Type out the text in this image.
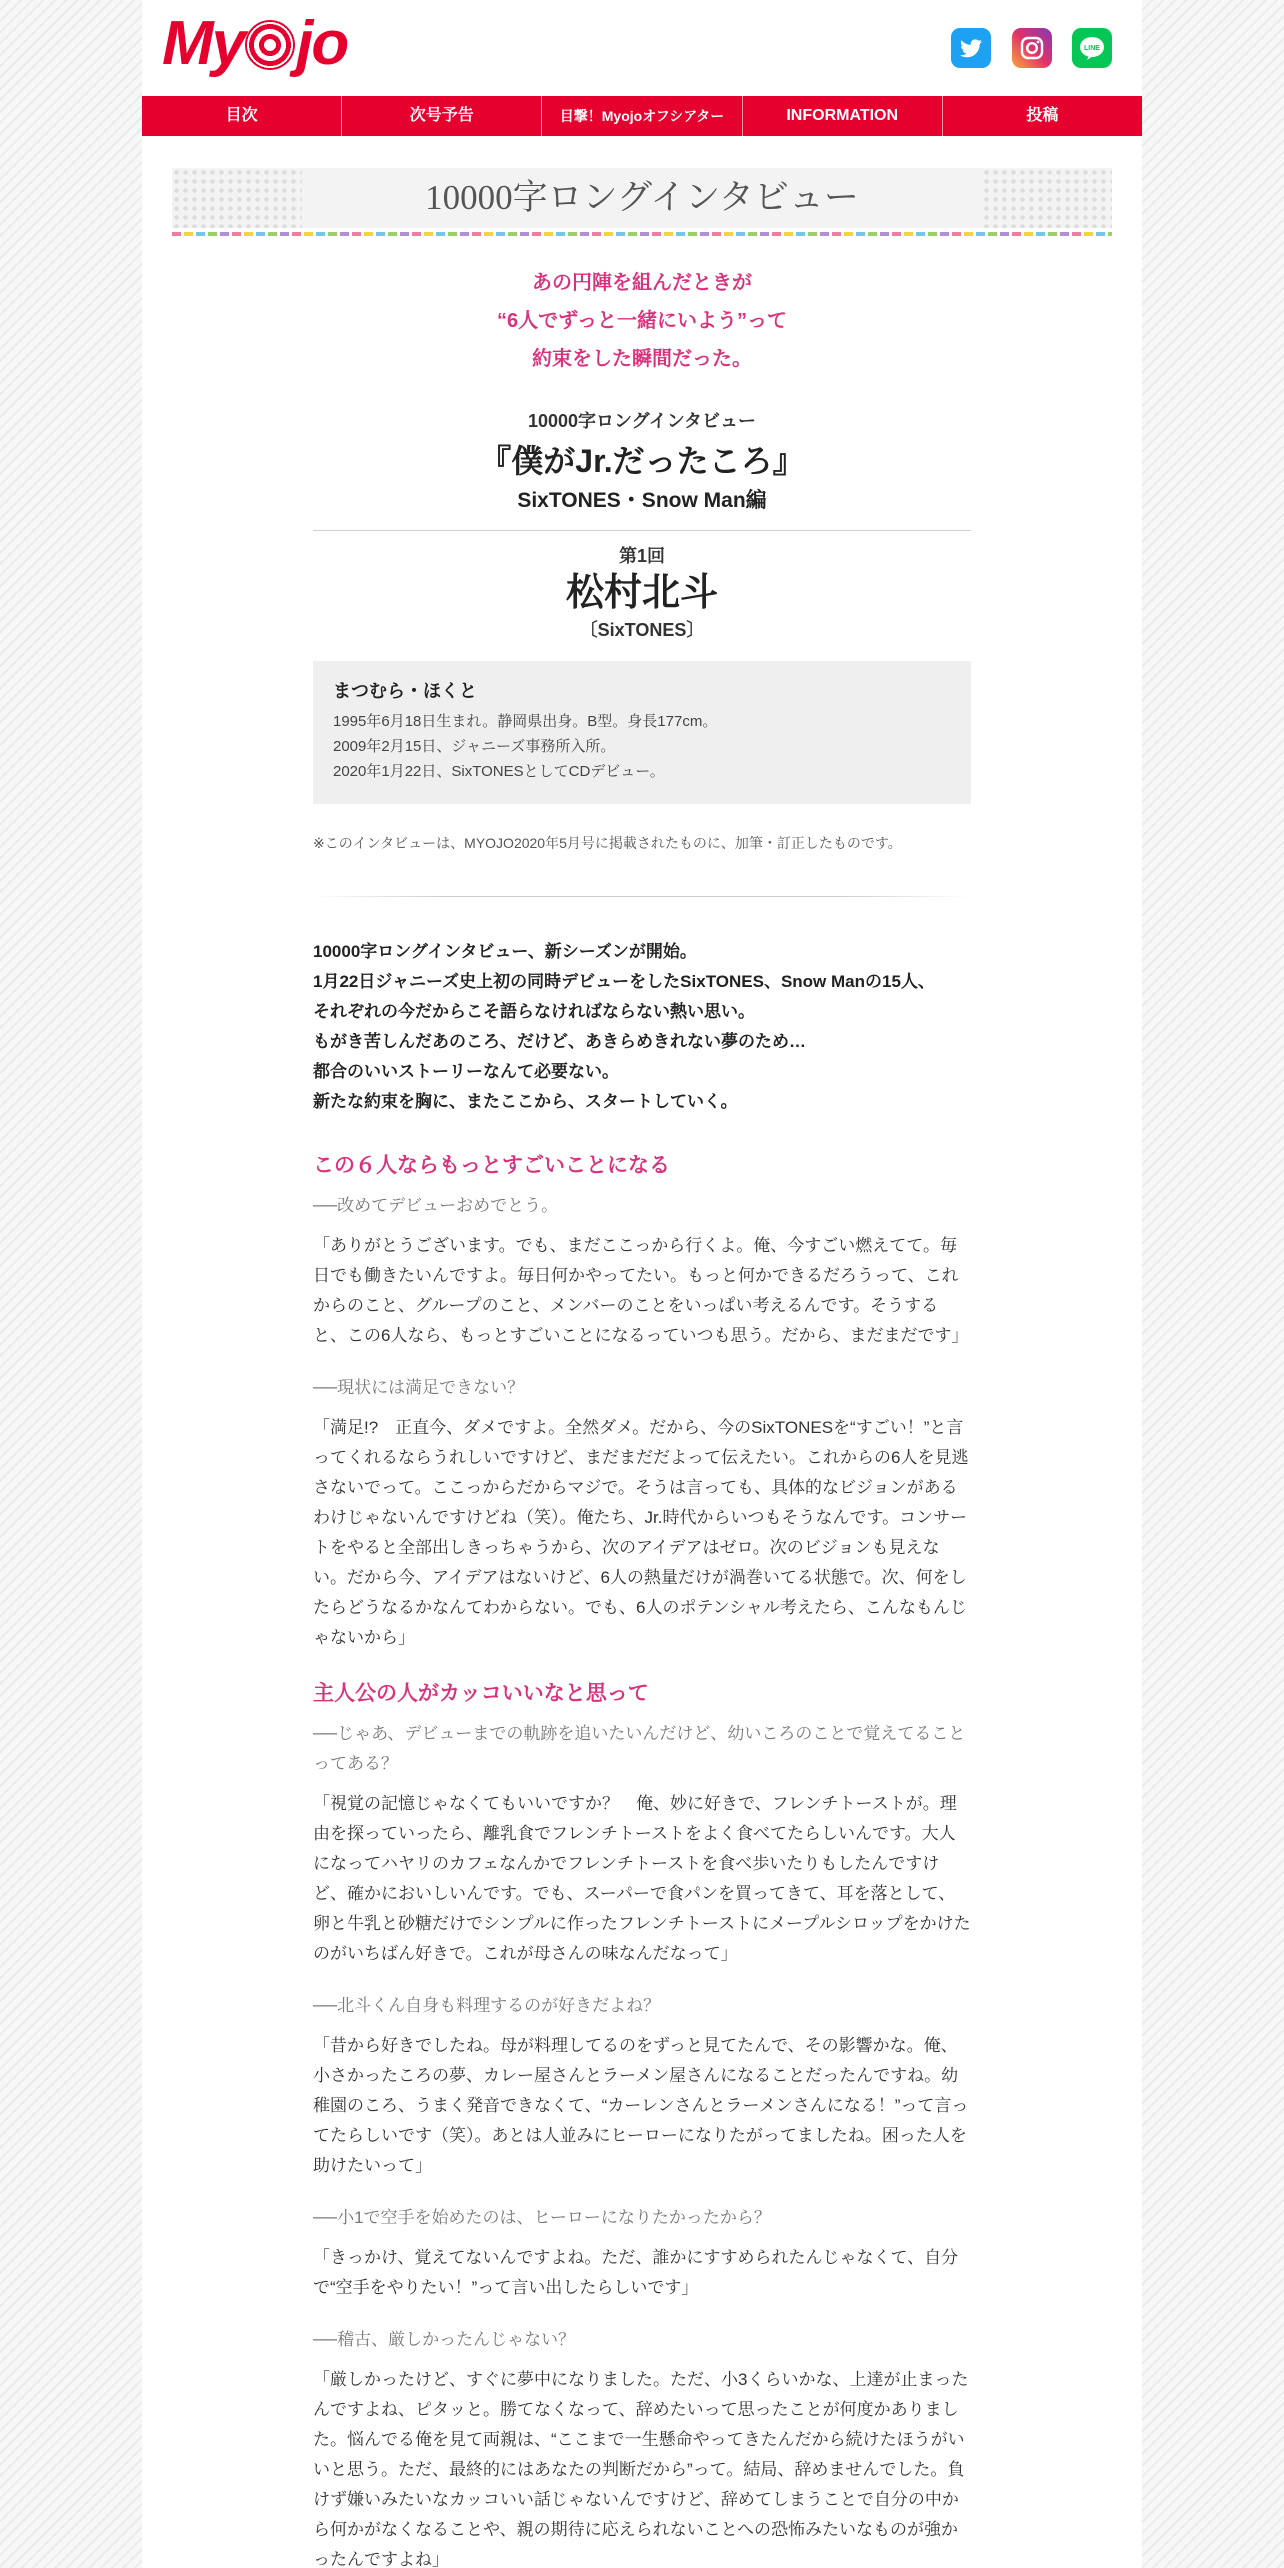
My jo	LINE
目次	次号予告	目撃！Myojoオフシアター	INFORMATION	投稿
10000字ロングインタビュー
あの円陣を組んだときが
“6人でずっと一緒にいよう”って
約束をした瞬間だった。
10000字ロングインタビュー
『僕がJr.だったころ』
SixTONES・Snow Man編
第1回
松村北斗
〔SixTONES〕
まつむら・ほくと
1995年6月18日生まれ。静岡県出身。B型。身長177cm。
2009年2月15日、ジャニーズ事務所入所。
2020年1月22日、SixTONESとしてCDデビュー。
※このインタビューは、MYOJO2020年5月号に掲載されたものに、加筆・訂正したものです。
10000字ロングインタビュー、新シーズンが開始。
1月22日ジャニーズ史上初の同時デビューをしたSixTONES、Snow Manの15人、
それぞれの今だからこそ語らなければならない熱い思い。
もがき苦しんだあのころ、だけど、あきらめきれない夢のため…
都合のいいストーリーなんて必要ない。
新たな約束を胸に、またここから、スタートしていく。
この６人ならもっとすごいことになる
──改めてデビューおめでとう。
「ありがとうございます。でも、まだここっから行くよ。俺、今すごい燃えてて。毎日でも働きたいんですよ。毎日何かやってたい。もっと何かできるだろうって、これからのこと、グループのこと、メンバーのことをいっぱい考えるんです。そうすると、この6人なら、もっとすごいことになるっていつも思う。だから、まだまだです」
──現状には満足できない？
「満足!?　正直今、ダメですよ。全然ダメ。だから、今のSixTONESを“すごい！”と言ってくれるならうれしいですけど、まだまだだよって伝えたい。これからの6人を見逃さないでって。ここっからだからマジで。そうは言っても、具体的なビジョンがあるわけじゃないんですけどね（笑）。俺たち、Jr.時代からいつもそうなんです。コンサートをやると全部出しきっちゃうから、次のアイデアはゼロ。次のビジョンも見えない。だから今、アイデアはないけど、6人の熱量だけが渦巻いてる状態で。次、何をしたらどうなるかなんてわからない。でも、6人のポテンシャル考えたら、こんなもんじゃないから」
主人公の人がカッコいいなと思って
──じゃあ、デビューまでの軌跡を追いたいんだけど、幼いころのことで覚えてることってある？
「視覚の記憶じゃなくてもいいですか？　俺、妙に好きで、フレンチトーストが。理由を探っていったら、離乳食でフレンチトーストをよく食べてたらしいんです。大人になってハヤリのカフェなんかでフレンチトーストを食べ歩いたりもしたんですけど、確かにおいしいんです。でも、スーパーで食パンを買ってきて、耳を落として、卵と牛乳と砂糖だけでシンプルに作ったフレンチトーストにメープルシロップをかけたのがいちばん好きで。これが母さんの味なんだなって」
──北斗くん自身も料理するのが好きだよね？
「昔から好きでしたね。母が料理してるのをずっと見てたんで、その影響かな。俺、小さかったころの夢、カレー屋さんとラーメン屋さんになることだったんですね。幼稚園のころ、うまく発音できなくて、“カーレンさんとラーメンさんになる！”って言ってたらしいです（笑）。あとは人並みにヒーローになりたがってましたね。困った人を助けたいって」
──小1で空手を始めたのは、ヒーローになりたかったから？
「きっかけ、覚えてないんですよね。ただ、誰かにすすめられたんじゃなくて、自分で“空手をやりたい！”って言い出したらしいです」
──稽古、厳しかったんじゃない？
「厳しかったけど、すぐに夢中になりました。ただ、小3くらいかな、上達が止まったんですよね、ピタッと。勝てなくなって、辞めたいって思ったことが何度かありました。悩んでる俺を見て両親は、“ここまで一生懸命やってきたんだから続けたほうがいいと思う。ただ、最終的にはあなたの判断だから”って。結局、辞めませんでした。負けず嫌いみたいなカッコいい話じゃないんですけど、辞めてしまうことで自分の中から何かがなくなることや、親の期待に応えられないことへの恐怖みたいなものが強かったんですよね」
